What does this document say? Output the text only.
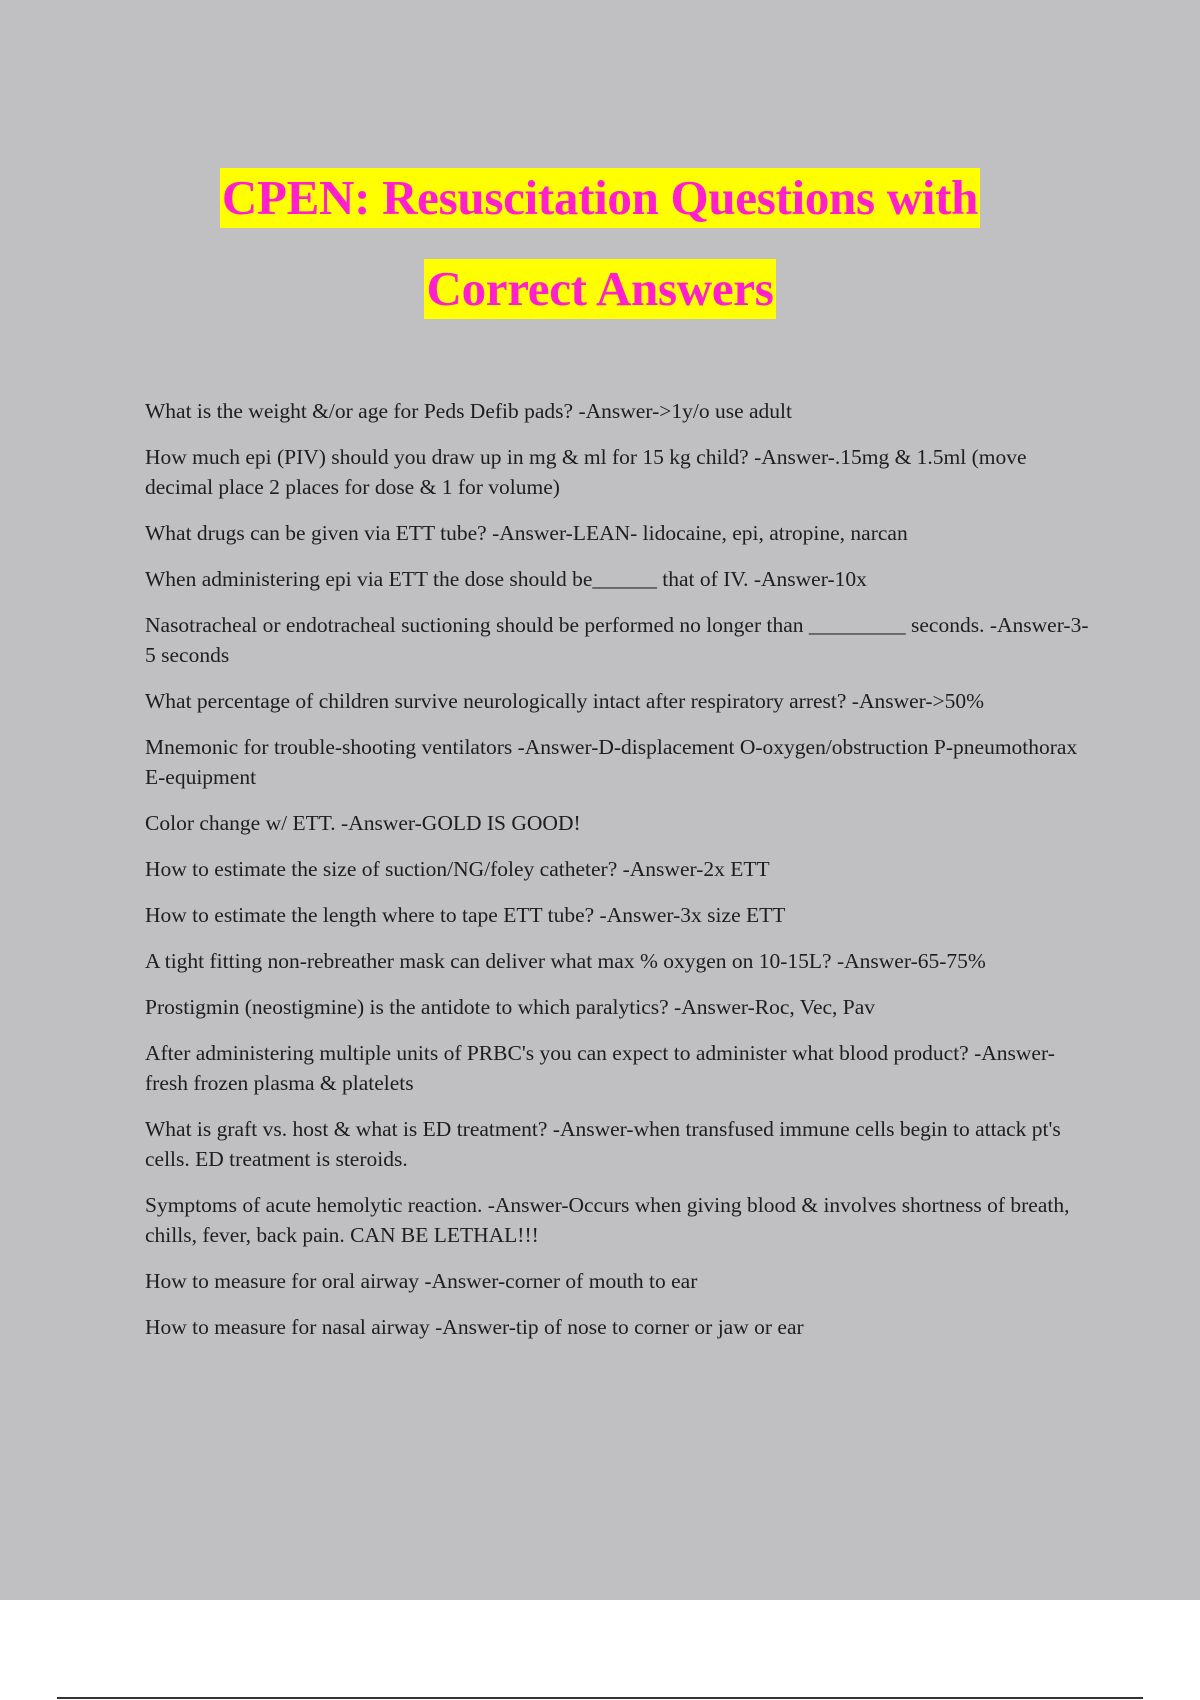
CPEN: Resuscitation Questions with
Correct Answers
What is the weight &/or age for Peds Defib pads? -Answer->1y/o use adult
How much epi (PIV) should you draw up in mg & ml for 15 kg child? -Answer-.15mg & 1.5ml (move decimal place 2 places for dose & 1 for volume)
What drugs can be given via ETT tube? -Answer-LEAN- lidocaine, epi, atropine, narcan
When administering epi via ETT the dose should be______ that of IV. -Answer-10x
Nasotracheal or endotracheal suctioning should be performed no longer than _________ seconds. -Answer-3-5 seconds
What percentage of children survive neurologically intact after respiratory arrest? -Answer->50%
Mnemonic for trouble-shooting ventilators -Answer-D-displacement O-oxygen/obstruction P-pneumothorax E-equipment
Color change w/ ETT. -Answer-GOLD IS GOOD!
How to estimate the size of suction/NG/foley catheter? -Answer-2x ETT
How to estimate the length where to tape ETT tube? -Answer-3x size ETT
A tight fitting non-rebreather mask can deliver what max % oxygen on 10-15L? -Answer-65-75%
Prostigmin (neostigmine) is the antidote to which paralytics? -Answer-Roc, Vec, Pav
After administering multiple units of PRBC's you can expect to administer what blood product? -Answer-fresh frozen plasma & platelets
What is graft vs. host & what is ED treatment? -Answer-when transfused immune cells begin to attack pt's cells. ED treatment is steroids.
Symptoms of acute hemolytic reaction. -Answer-Occurs when giving blood & involves shortness of breath, chills, fever, back pain. CAN BE LETHAL!!!
How to measure for oral airway -Answer-corner of mouth to ear
How to measure for nasal airway -Answer-tip of nose to corner or jaw or ear
